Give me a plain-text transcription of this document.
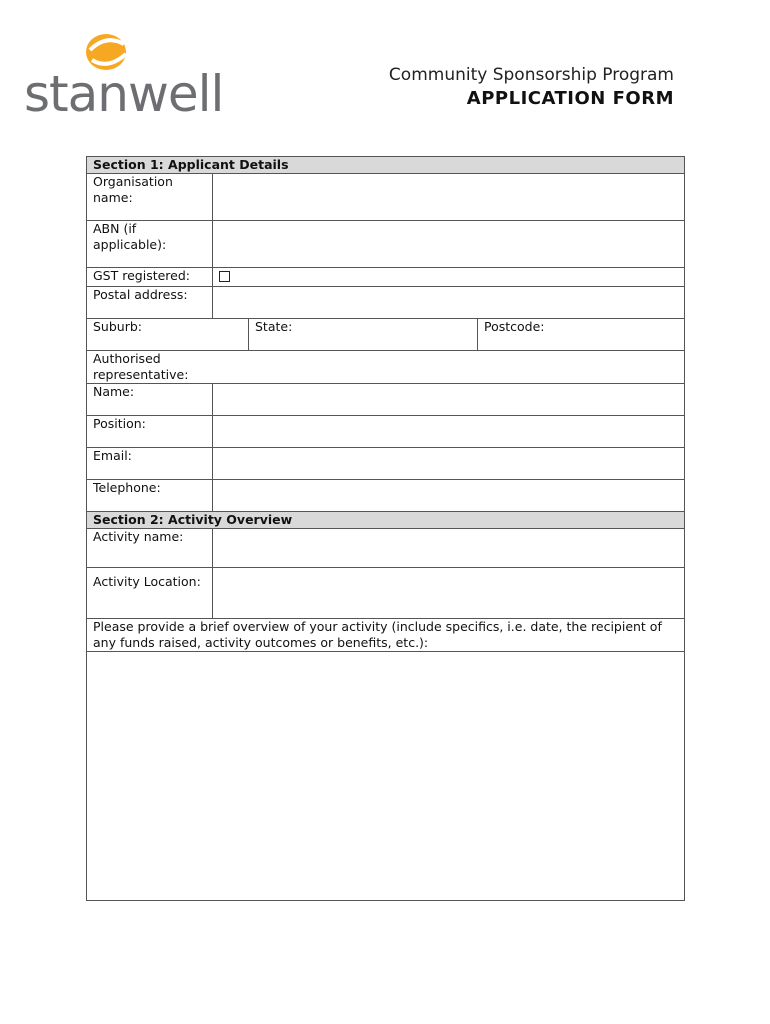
stanwell	Community Sponsorship Program
APPLICATION FORM
Section 1: Applicant Details			
Organisation name:			
ABN (if applicable):			
GST registered:			
Postal address:			
Suburb:		State:	Postcode:

Authorised representative:			

Name:			
Position:			
Email:			
Telephone:			
Section 2: Activity Overview			
Activity name:			
Activity Location:			
Please provide a brief overview of your activity (include specifics, i.e. date, the recipient of any funds raised, activity outcomes or benefits, etc.):			
